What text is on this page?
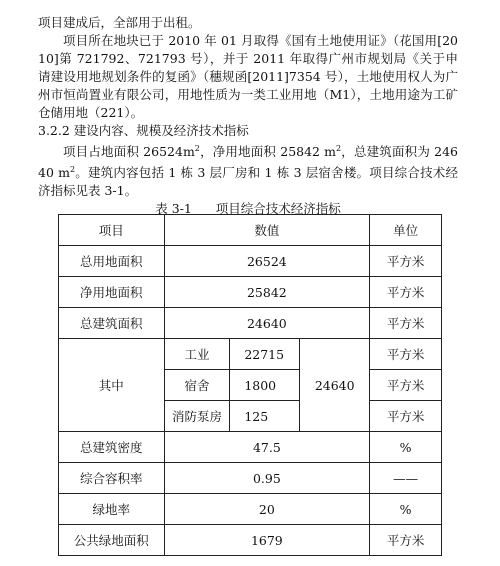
项目建成后，全部用于出租。

项目所在地块已于 2010 年 01 月取得《国有土地使用证》（花国用[2010]第 721792、721793 号），并于 2011 年取得广州市规划局《关于申请建设用地规划条件的复函》（穗规函[2011]7354 号），土地使用权人为广州市恒尚置业有限公司，用地性质为一类工业用地（M1），土地用途为工矿仓储用地（221）。

3.2.2 建设内容、规模及经济技术指标

项目占地面积 $26524m^2$，净用地面积 25842 $m^2$，总建筑面积为 24640 $m^2$。建筑内容包括 1 栋 3 层厂房和 1 栋 3 层宿舍楼。项目综合技术经济指标见表 3-1。

表 3-1      项目综合技术经济指标

项目	数值			单位
总用地面积	26524			平方米
净用地面积	25842			平方米
总建筑面积	24640			平方米
其中	工业	22715	24640	平方米
	宿舍	1800		平方米
	消防泵房	125		平方米
总建筑密度	47.5			%
综合容积率	0.95			——
绿地率	20			%
公共绿地面积	1679			平方米
